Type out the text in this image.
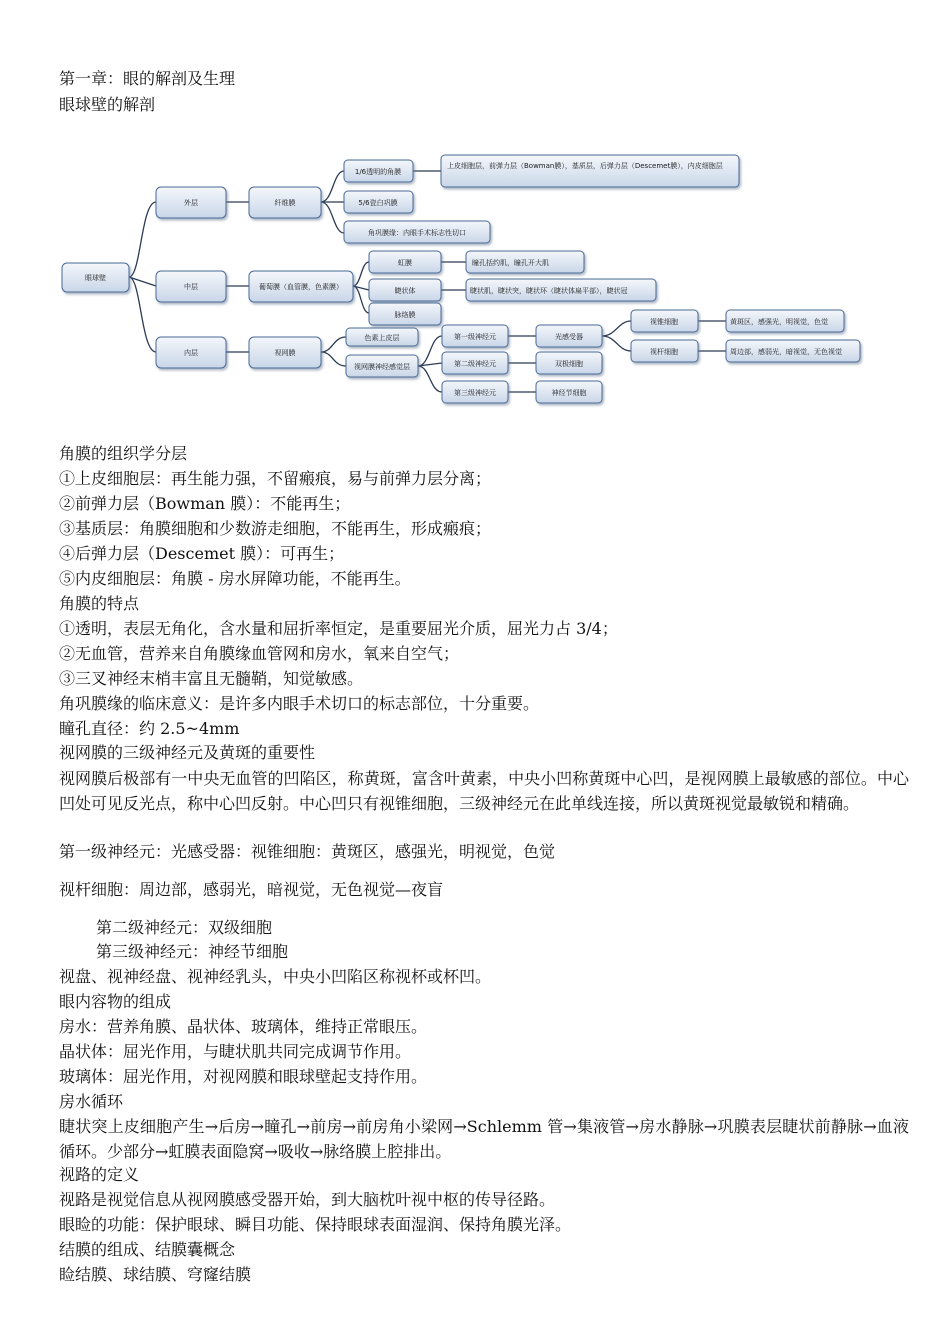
第一章：眼的解剖及生理
眼球壁的解剖
眼球壁
外层
中层
内层
纤维膜
葡萄膜（血管膜，色素膜）
视网膜
1/6透明的角膜
5/6瓷白巩膜
角巩膜缘：内眼手术标志性切口
上皮细胞层，前弹力层（Bowman膜），基质层，后弹力层（Descemet膜），内皮细胞层
虹膜
睫状体
脉络膜
瞳孔括约肌，瞳孔开大肌
睫状肌，睫状突，睫状环（睫状体扁平部），睫状冠
色素上皮层
视网膜神经感觉层
第一级神经元
第二级神经元
第三级神经元
光感受器
双极细胞
神经节细胞
视锥细胞
视杆细胞
黄斑区，感强光，明视觉，色觉
周边部，感弱光，暗视觉，无色视觉
角膜的组织学分层
①上皮细胞层：再生能力强，不留瘢痕，易与前弹力层分离；
②前弹力层（Bowman 膜）：不能再生；
③基质层：角膜细胞和少数游走细胞，不能再生，形成瘢痕；
④后弹力层（Descemet 膜）：可再生；
⑤内皮细胞层：角膜 - 房水屏障功能，不能再生。
角膜的特点
①透明，表层无角化，含水量和屈折率恒定，是重要屈光介质，屈光力占 3/4；
②无血管，营养来自角膜缘血管网和房水，氧来自空气；
③三叉神经末梢丰富且无髓鞘，知觉敏感。
角巩膜缘的临床意义：是许多内眼手术切口的标志部位，十分重要。
瞳孔直径：约 2.5~4mm
视网膜的三级神经元及黄斑的重要性
视网膜后极部有一中央无血管的凹陷区，称黄斑，富含叶黄素，中央小凹称黄斑中心凹，是视网膜上最敏感的部位。中心凹处可见反光点，称中心凹反射。中心凹只有视锥细胞，三级神经元在此单线连接，所以黄斑视觉最敏锐和精确。
第一级神经元：光感受器：视锥细胞：黄斑区，感强光，明视觉，色觉
视杆细胞：周边部，感弱光，暗视觉，无色视觉—夜盲
第二级神经元：双级细胞
第三级神经元：神经节细胞
视盘、视神经盘、视神经乳头，中央小凹陷区称视杯或杯凹。
眼内容物的组成
房水：营养角膜、晶状体、玻璃体，维持正常眼压。
晶状体：屈光作用，与睫状肌共同完成调节作用。
玻璃体：屈光作用，对视网膜和眼球壁起支持作用。
房水循环
睫状突上皮细胞产生→后房→瞳孔→前房→前房角小梁网→Schlemm 管→集液管→房水静脉→巩膜表层睫状前静脉→血液循环。少部分→虹膜表面隐窝→吸收→脉络膜上腔排出。
视路的定义
视路是视觉信息从视网膜感受器开始，到大脑枕叶视中枢的传导径路。
眼睑的功能：保护眼球、瞬目功能、保持眼球表面湿润、保持角膜光泽。
结膜的组成、结膜囊概念
睑结膜、球结膜、穹窿结膜
